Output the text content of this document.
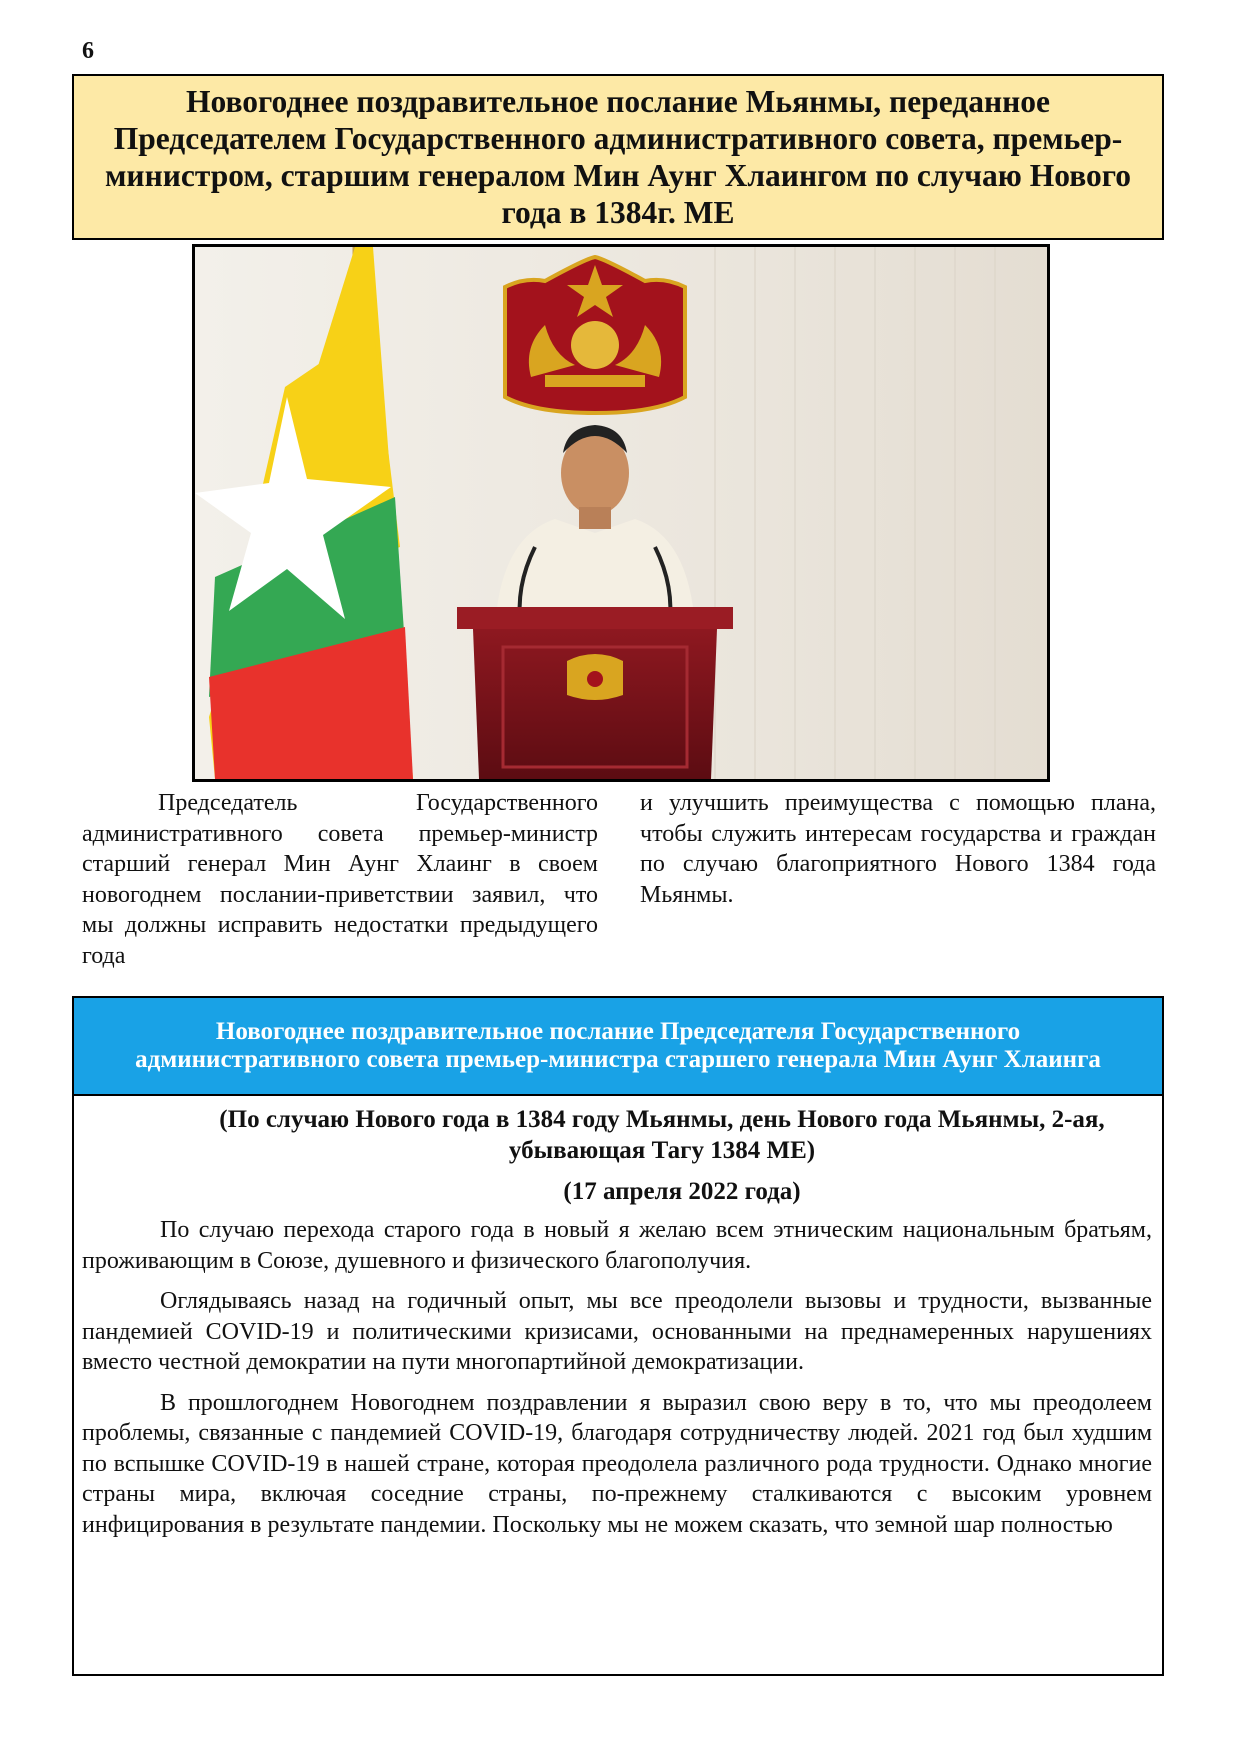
6
Новогоднее поздравительное послание Мьянмы, переданное Председателем Государственного административного совета, премьер-министром, старшим генералом Мин Аунг Хлаингом по случаю Нового года в 1384г. МЕ
Председатель Государственного административного совета премьер-министр старший генерал Мин Аунг Хлаинг в своем новогоднем послании-приветствии заявил, что мы должны исправить недостатки предыдущего года
и улучшить преимущества с помощью плана, чтобы служить интересам государства и граждан по случаю благоприятного Нового 1384 года Мьянмы.
Новогоднее поздравительное послание Председателя Государственного административного совета премьер-министра старшего генерала Мин Аунг Хлаинга
(По случаю Нового года в 1384 году Мьянмы, день Нового года Мьянмы, 2-ая, убывающая Тагу 1384 МЕ)
(17 апреля 2022 года)

По случаю перехода старого года в новый я желаю всем этническим национальным братьям, проживающим в Союзе, душевного и физического благополучия.

Оглядываясь назад на годичный опыт, мы все преодолели вызовы и трудности, вызванные пандемией COVID-19 и политическими кризисами, основанными на преднамеренных нарушениях вместо честной демократии на пути многопартийной демократизации.

В прошлогоднем Новогоднем поздравлении я выразил свою веру в то, что мы преодолеем проблемы, связанные с пандемией COVID-19, благодаря сотрудничеству людей. 2021 год был худшим по вспышке COVID-19 в нашей стране, которая преодолела различного рода трудности. Однако многие страны мира, включая соседние страны, по-прежнему сталкиваются с высоким уровнем инфицирования в результате пандемии. Поскольку мы не можем сказать, что земной шар полностью
